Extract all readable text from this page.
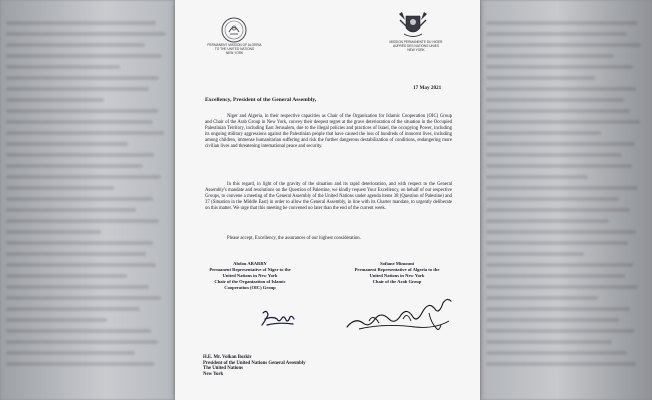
PERMANENT MISSION OF ALGERIA
TO THE UNITED NATIONS
NEW YORK
MISSION PERMANENTE DU NIGER
AUPRÈS DES NATIONS UNIES
NEW YORK
17 May 2021
Excellency, President of the General Assembly,

Niger and Algeria, in their respective capacities as Chair of the Organization for Islamic Cooperation (OIC) Group and Chair of the Arab Group in New York, convey their deepest regret at the grave deterioration of the situation in the Occupied Palestinian Territory, including East Jerusalem, due to the illegal policies and practices of Israel, the occupying Power, including its ongoing military aggressions against the Palestinian people that have caused the loss of hundreds of innocent lives, including among children, immense humanitarian suffering and risk the further dangerous destabilization of conditions, endangering more civilian lives and threatening international peace and security.

In this regard, in light of the gravity of the situation and its rapid deterioration, and with respect to the General Assembly's mandate and resolutions on the Question of Palestine, we kindly request Your Excellency, on behalf of our respective Groups, to convene a meeting of the General Assembly of the United Nations under agenda items 38 (Question of Palestine) and 37 (Situation in the Middle East) in order to allow the General Assembly, in line with its Charter mandate, to urgently deliberate on this matter. We urge that this meeting be convened no later than the end of the current week.

Please accept, Excellency, the assurances of our highest consideration.

Abdou ABARRY
Permanent Representative of Niger to the
United Nations in New York
Chair of the Organization of Islamic
Cooperation (OIC) Group
Sofiane Mimouni
Permanent Representative of Algeria to the
United Nations in New York
Chair of the Arab Group
H.E. Mr. Volkan Bozkir
President of the United Nations General Assembly
The United Nations
New York
